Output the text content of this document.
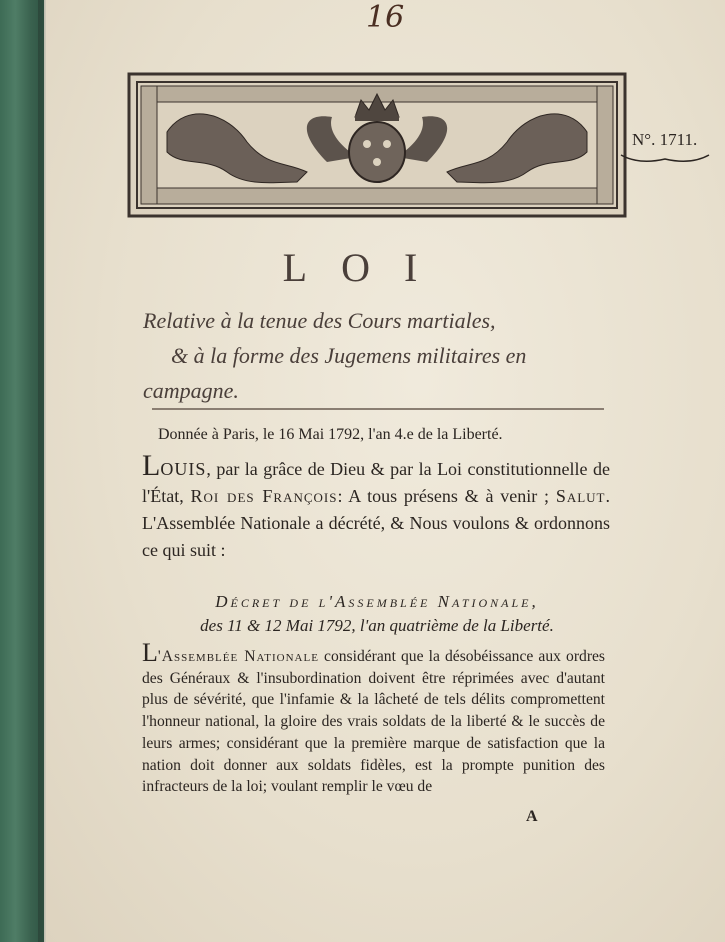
16
N°. 1711.
LOI
Relative à la tenue des Cours martiales,

& à la forme des Jugemens militaires en
campagne.
Donnée à Paris, le 16 Mai 1792, l'an 4.e de la Liberté.
LOUIS, par la grâce de Dieu & par la Loi constitutionnelle de l'État, Roi des François: A tous présens & à venir ; Salut. L'Assemblée Nationale a décrété, & Nous voulons & ordonnons ce qui suit :
Décret de l'Assemblée Nationale,
des 11 & 12 Mai 1792, l'an quatrième de la Liberté.
L'Assemblée Nationale considérant que la désobéissance aux ordres des Généraux & l'insubordination doivent être réprimées avec d'autant plus de sévérité, que l'infamie & la lâcheté de tels délits compromettent l'honneur national, la gloire des vrais soldats de la liberté & le succès de leurs armes; considérant que la première marque de satisfaction que la nation doit donner aux soldats fidèles, est la prompte punition des infracteurs de la loi; voulant remplir le vœu de
A
